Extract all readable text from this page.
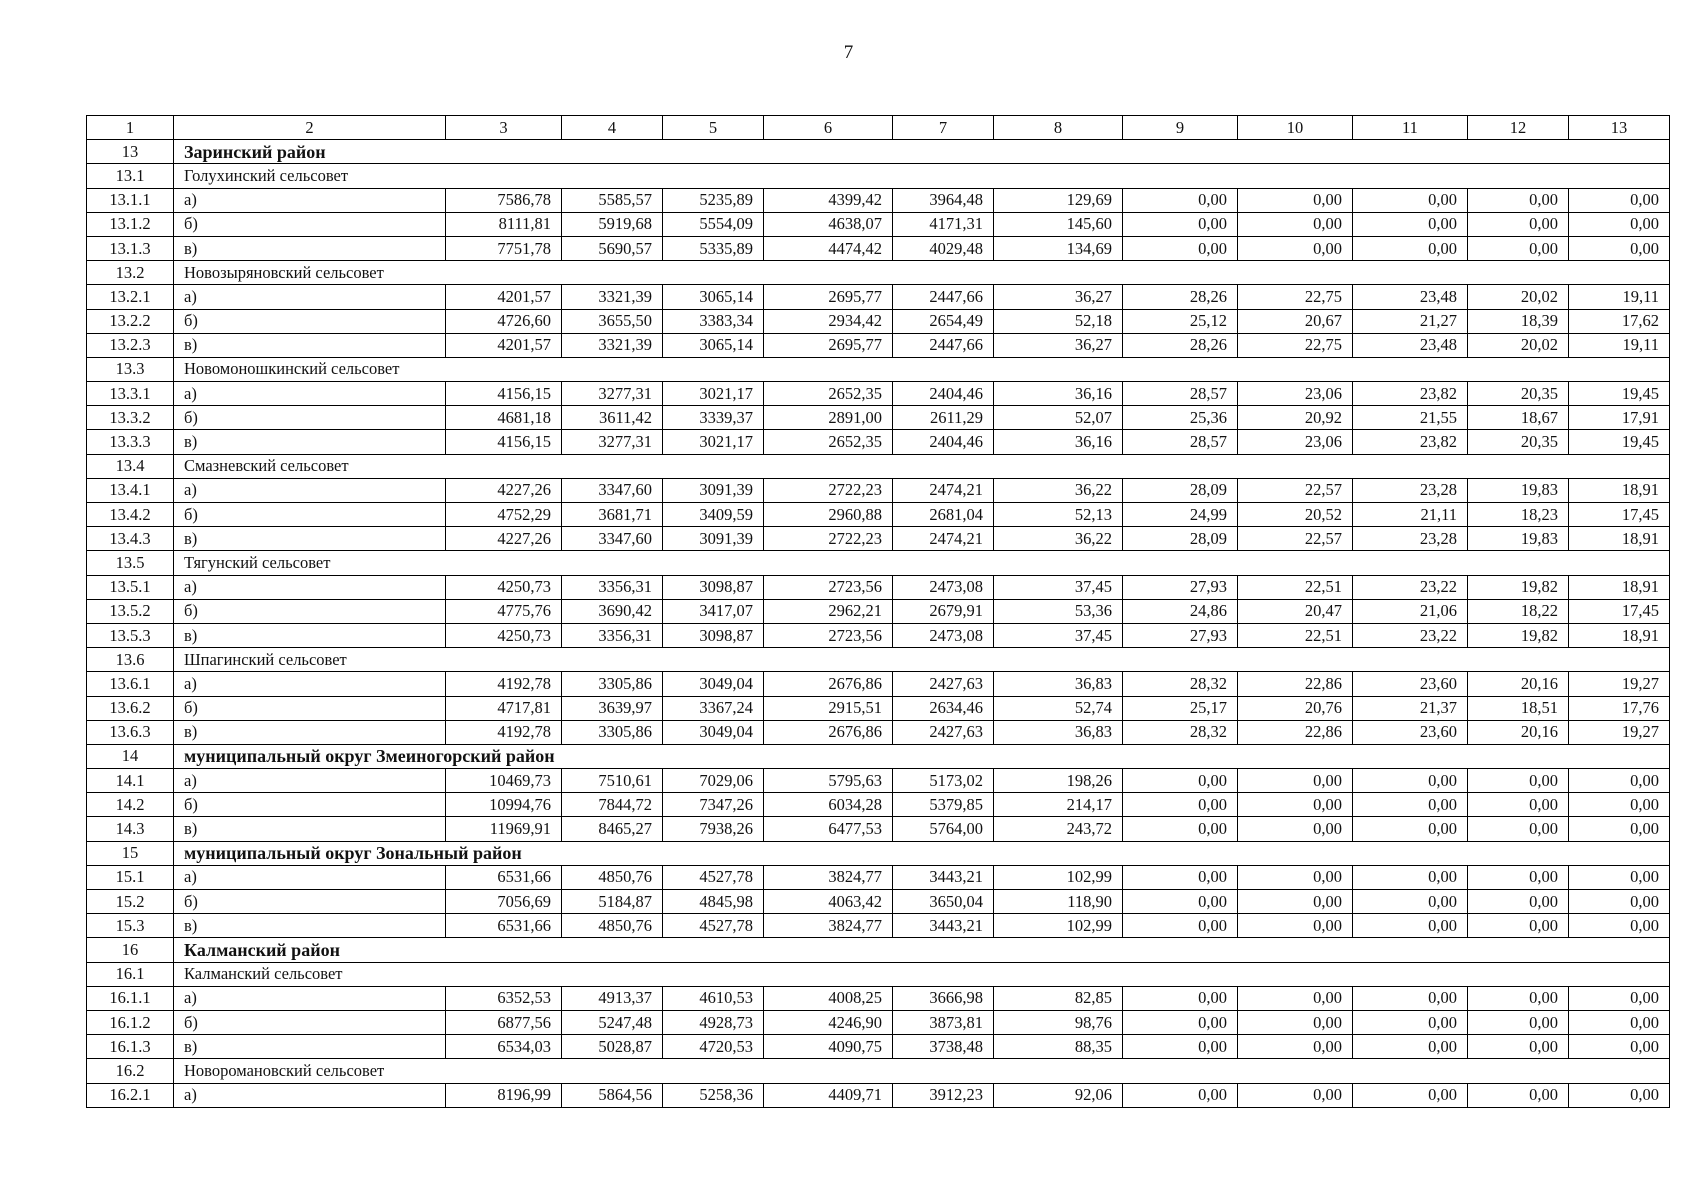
7
1	2	3	4	5	6	7	8	9	10	11	12	13
13	Заринский район											
13.1	Голухинский сельсовет											
13.1.1	а)	7586,78	5585,57	5235,89	4399,42	3964,48	129,69	0,00	0,00	0,00	0,00	0,00
13.1.2	б)	8111,81	5919,68	5554,09	4638,07	4171,31	145,60	0,00	0,00	0,00	0,00	0,00
13.1.3	в)	7751,78	5690,57	5335,89	4474,42	4029,48	134,69	0,00	0,00	0,00	0,00	0,00
13.2	Новозыряновский сельсовет											
13.2.1	а)	4201,57	3321,39	3065,14	2695,77	2447,66	36,27	28,26	22,75	23,48	20,02	19,11
13.2.2	б)	4726,60	3655,50	3383,34	2934,42	2654,49	52,18	25,12	20,67	21,27	18,39	17,62
13.2.3	в)	4201,57	3321,39	3065,14	2695,77	2447,66	36,27	28,26	22,75	23,48	20,02	19,11
13.3	Новомоношкинский сельсовет											
13.3.1	а)	4156,15	3277,31	3021,17	2652,35	2404,46	36,16	28,57	23,06	23,82	20,35	19,45
13.3.2	б)	4681,18	3611,42	3339,37	2891,00	2611,29	52,07	25,36	20,92	21,55	18,67	17,91
13.3.3	в)	4156,15	3277,31	3021,17	2652,35	2404,46	36,16	28,57	23,06	23,82	20,35	19,45
13.4	Смазневский сельсовет											
13.4.1	а)	4227,26	3347,60	3091,39	2722,23	2474,21	36,22	28,09	22,57	23,28	19,83	18,91
13.4.2	б)	4752,29	3681,71	3409,59	2960,88	2681,04	52,13	24,99	20,52	21,11	18,23	17,45
13.4.3	в)	4227,26	3347,60	3091,39	2722,23	2474,21	36,22	28,09	22,57	23,28	19,83	18,91
13.5	Тягунский сельсовет											
13.5.1	а)	4250,73	3356,31	3098,87	2723,56	2473,08	37,45	27,93	22,51	23,22	19,82	18,91
13.5.2	б)	4775,76	3690,42	3417,07	2962,21	2679,91	53,36	24,86	20,47	21,06	18,22	17,45
13.5.3	в)	4250,73	3356,31	3098,87	2723,56	2473,08	37,45	27,93	22,51	23,22	19,82	18,91
13.6	Шпагинский сельсовет											
13.6.1	а)	4192,78	3305,86	3049,04	2676,86	2427,63	36,83	28,32	22,86	23,60	20,16	19,27
13.6.2	б)	4717,81	3639,97	3367,24	2915,51	2634,46	52,74	25,17	20,76	21,37	18,51	17,76
13.6.3	в)	4192,78	3305,86	3049,04	2676,86	2427,63	36,83	28,32	22,86	23,60	20,16	19,27
14	муниципальный округ Змеиногорский район											
14.1	а)	10469,73	7510,61	7029,06	5795,63	5173,02	198,26	0,00	0,00	0,00	0,00	0,00
14.2	б)	10994,76	7844,72	7347,26	6034,28	5379,85	214,17	0,00	0,00	0,00	0,00	0,00
14.3	в)	11969,91	8465,27	7938,26	6477,53	5764,00	243,72	0,00	0,00	0,00	0,00	0,00
15	муниципальный округ Зональный район											
15.1	а)	6531,66	4850,76	4527,78	3824,77	3443,21	102,99	0,00	0,00	0,00	0,00	0,00
15.2	б)	7056,69	5184,87	4845,98	4063,42	3650,04	118,90	0,00	0,00	0,00	0,00	0,00
15.3	в)	6531,66	4850,76	4527,78	3824,77	3443,21	102,99	0,00	0,00	0,00	0,00	0,00
16	Калманский район											
16.1	Калманский сельсовет											
16.1.1	а)	6352,53	4913,37	4610,53	4008,25	3666,98	82,85	0,00	0,00	0,00	0,00	0,00
16.1.2	б)	6877,56	5247,48	4928,73	4246,90	3873,81	98,76	0,00	0,00	0,00	0,00	0,00
16.1.3	в)	6534,03	5028,87	4720,53	4090,75	3738,48	88,35	0,00	0,00	0,00	0,00	0,00
16.2	Новоромановский сельсовет											
16.2.1	а)	8196,99	5864,56	5258,36	4409,71	3912,23	92,06	0,00	0,00	0,00	0,00	0,00
